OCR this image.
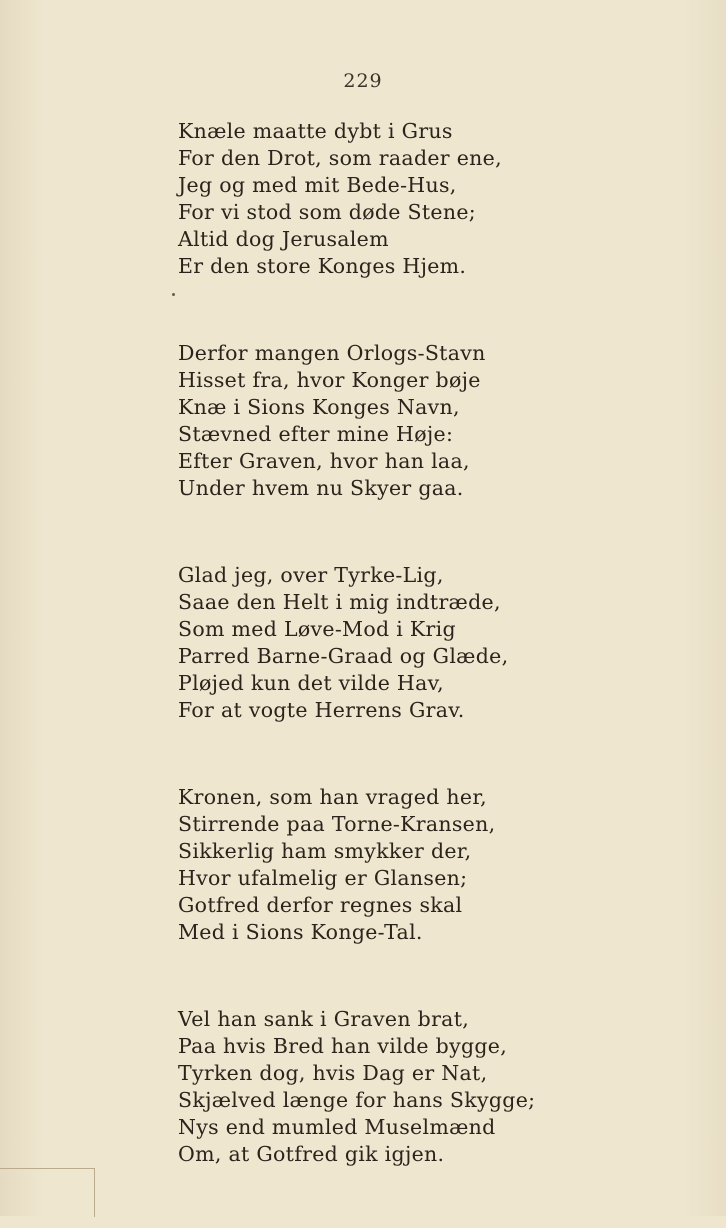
229
Knæle maatte dybt i Grus
For den Drot, som raader ene,
Jeg og med mit Bede-Hus,
For vi stod som døde Stene;
Altid dog Jerusalem
Er den store Konges Hjem.
Derfor mangen Orlogs-Stavn
Hisset fra, hvor Konger bøje
Knæ i Sions Konges Navn,
Stævned efter mine Høje:
Efter Graven, hvor han laa,
Under hvem nu Skyer gaa.
Glad jeg, over Tyrke-Lig,
Saae den Helt i mig indtræde,
Som med Løve-Mod i Krig
Parred Barne-Graad og Glæde,
Pløjed kun det vilde Hav,
For at vogte Herrens Grav.
Kronen, som han vraged her,
Stirrende paa Torne-Kransen,
Sikkerlig ham smykker der,
Hvor ufalmelig er Glansen;
Gotfred derfor regnes skal
Med i Sions Konge-Tal.
Vel han sank i Graven brat,
Paa hvis Bred han vilde bygge,
Tyrken dog, hvis Dag er Nat,
Skjælved længe for hans Skygge;
Nys end mumled Muselmænd
Om, at Gotfred gik igjen.
